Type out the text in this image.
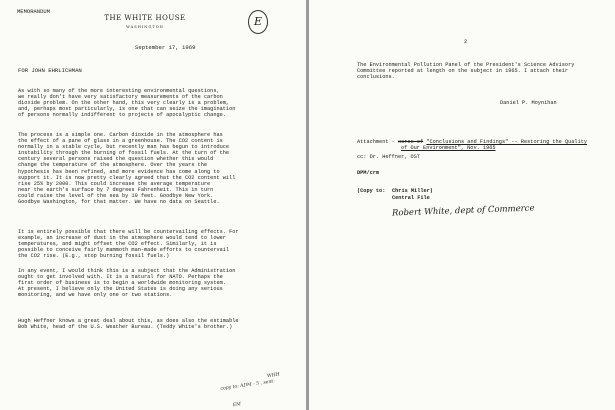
MEMORANDUM
THE WHITE HOUSE
WASHINGTON	E
September 17, 1969
FOR JOHN EHRLICHMAN
As with so many of the more interesting environmental questions,
we really don't have very satisfactory measurements of the carbon
dioxide problem. On the other hand, this very clearly is a problem,
and, perhaps most particularly, is one that can seize the imagination
of persons normally indifferent to projects of apocalyptic change.
The process is a simple one. Carbon dioxide in the atmosphere has
the effect of a pane of glass in a greenhouse. The CO2 content is
normally in a stable cycle, but recently man has begun to introduce
instability through the burning of fossil fuels. At the turn of the
century several persons raised the question whether this would
change the temperature of the atmosphere. Over the years the
hypothesis has been refined, and more evidence has come along to
support it. It is now pretty clearly agreed that the CO2 content will
rise 25% by 2000. This could increase the average temperature
near the earth's surface by 7 degrees Fahrenheit. This in turn
could raise the level of the sea by 10 feet. Goodbye New York.
Goodbye Washington, for that matter. We have no data on Seattle.
It is entirely possible that there will be countervailing effects. For
example, an increase of dust in the atmosphere would tend to lower
temperatures, and might offset the CO2 effect. Similarly, it is
possible to conceive fairly mammoth man-made efforts to countervail
the CO2 rise. (E.g., stop burning fossil fuels.)
In any event, I would think this is a subject that the Administration
ought to get involved with. It is a natural for NATO. Perhaps the
first order of business is to begin a worldwide monitoring system.
At present, I believe only the United States is doing any serious
monitoring, and we have only one or two stations.
Hugh Heffner knows a great deal about this, as does also the estimable
Bob White, head of the U.S. Weather Bureau. (Teddy White's brother.)

copy to: ADM - 5 , sent

EM

WHH

2
The Environmental Pollution Panel of the President's Science Advisory
Committee reported at length on the subject in 1965. I attach their
conclusions.
Daniel P. Moynihan
Attachment - xerox of "Conclusions and Findings" -- Restoring the Quality
of Our Environment", Nov. 1965
cc: Dr. Heffner, OST
DPM/crm
(Copy to: Chris Miller)
Central File
Robert White, dept of Commerce
